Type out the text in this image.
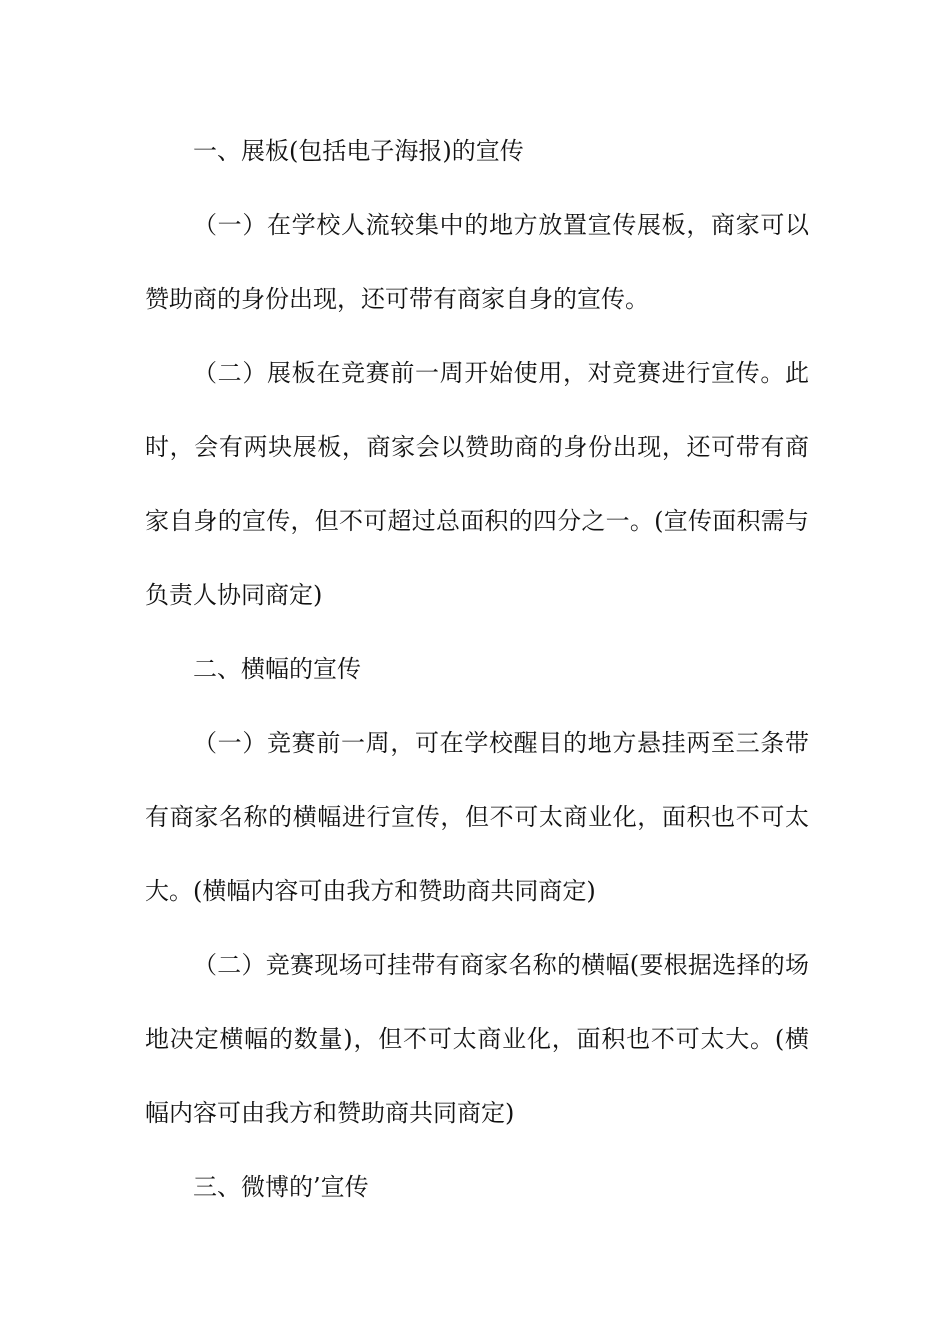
一、展板(包括电子海报)的宣传

（一）在学校人流较集中的地方放置宣传展板，商家可以赞助商的身份出现，还可带有商家自身的宣传。

（二）展板在竞赛前一周开始使用，对竞赛进行宣传。此时，会有两块展板，商家会以赞助商的身份出现，还可带有商家自身的宣传，但不可超过总面积的四分之一。(宣传面积需与负责人协同商定)

二、横幅的宣传

（一）竞赛前一周，可在学校醒目的地方悬挂两至三条带有商家名称的横幅进行宣传，但不可太商业化，面积也不可太大。(横幅内容可由我方和赞助商共同商定)

（二）竞赛现场可挂带有商家名称的横幅(要根据选择的场地决定横幅的数量)，但不可太商业化，面积也不可太大。(横幅内容可由我方和赞助商共同商定)

三、微博的’宣传
